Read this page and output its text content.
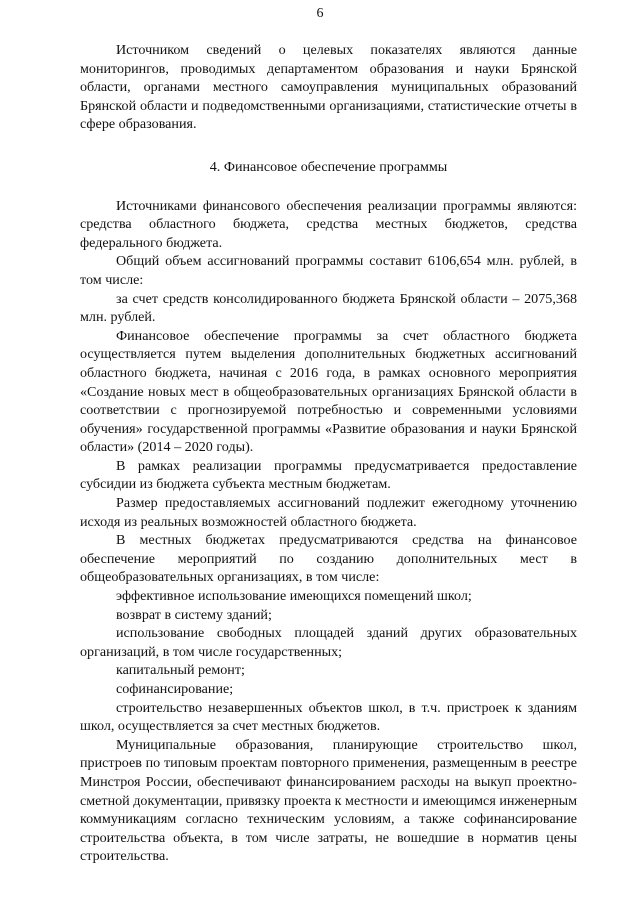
6

Источником сведений о целевых показателях являются данные мониторингов, проводимых департаментом образования и науки Брянской области, органами местного самоуправления муниципальных образований Брянской области и подведомственными организациями, статистические отчеты в сфере образования.

4. Финансовое обеспечение программы

Источниками финансового обеспечения реализации программы являются: средства областного бюджета, средства местных бюджетов, средства федерального бюджета.

Общий объем ассигнований программы составит 6106,654 млн. рублей, в том числе:

за счет средств консолидированного бюджета Брянской области – 2075,368 млн. рублей.

Финансовое обеспечение программы за счет областного бюджета осуществляется путем выделения дополнительных бюджетных ассигнований областного бюджета, начиная с 2016 года, в рамках основного мероприятия «Создание новых мест в общеобразовательных организациях Брянской области в соответствии с прогнозируемой потребностью и современными условиями обучения» государственной программы «Развитие образования и науки Брянской области» (2014 – 2020 годы).

В рамках реализации программы предусматривается предоставление субсидии из бюджета субъекта местным бюджетам.

Размер предоставляемых ассигнований подлежит ежегодному уточнению исходя из реальных возможностей областного бюджета.

В местных бюджетах предусматриваются средства на финансовое обеспечение мероприятий по созданию дополнительных мест в общеобразовательных организациях, в том числе:

эффективное использование имеющихся помещений школ;

возврат в систему зданий;

использование свободных площадей зданий других образовательных организаций, в том числе государственных;

капитальный ремонт;

софинансирование;

строительство незавершенных объектов школ, в т.ч. пристроек к зданиям школ, осуществляется за счет местных бюджетов.

Муниципальные образования, планирующие строительство школ, пристроев по типовым проектам повторного применения, размещенным в реестре Минстроя России, обеспечивают финансированием расходы на выкуп проектно-сметной документации, привязку проекта к местности и имеющимся инженерным коммуникациям согласно техническим условиям, а также софинансирование строительства объекта, в том числе затраты, не вошедшие в норматив цены строительства.
